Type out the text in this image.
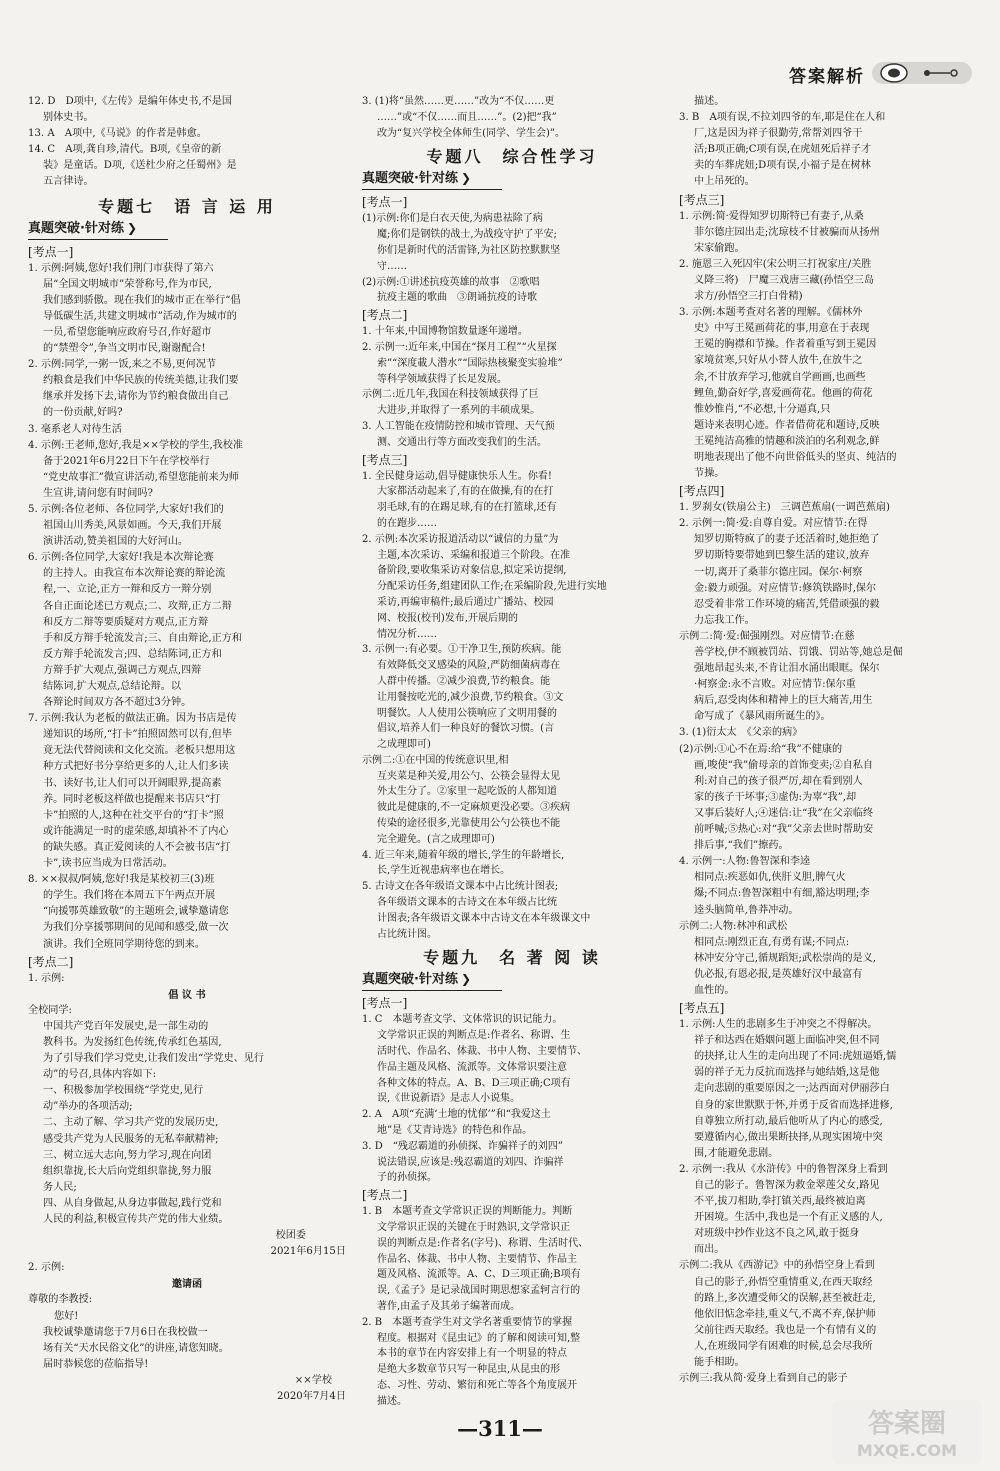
答案解析

12. D　D项中,《左传》是编年体史书,不是国

别体史书。

13. A　A项中,《马说》的作者是韩愈。

14. C　A项,龚自珍,清代。B项,《皇帝的新

装》是童话。D项,《送杜少府之任蜀州》是

五言律诗。

专题七　语 言 运 用
真题突破·针对练 ❯

[考点一]

1. 示例:阿姨,您好!我们荆门市获得了第六

届“全国文明城市”荣誉称号,作为市民,

我们感到骄傲。现在我们的城市正在举行“倡

导低碳生活,共建文明城市”活动,作为城市的

一员,希望您能响应政府号召,作好超市

的“禁塑令”,争当文明市民,谢谢配合!

2. 示例:同学,一粥一饭,来之不易,更何况节

约粮食是我们中华民族的传统美德,让我们要

继承并发扬下去,请你为节约粮食做出自己

的一份贡献,好吗?

3. 毫系老人对待生活

4. 示例:王老师,您好,我是××学校的学生,我校准

备于2021年6月22日下午在学校举行

“党史故事汇”微宣讲活动,希望您能前来为师

生宣讲,请问您有时间吗?

5. 示例:各位老师、各位同学,大家好!我们的

祖国山川秀美,风景如画。今天,我们开展

演讲活动,赞美祖国的大好河山。

6. 示例:各位同学,大家好!我是本次辩论赛

的主持人。由我宣布本次辩论赛的辩论流

程,一、立论,正方一辩和反方一辩分别

各自正面论述已方观点;二、攻辩,正方二辩

和反方二辩等要质疑对方观点,正方辩

手和反方辩手轮流发言;三、自由辩论,正方和

反方辩手轮流发言;四、总结陈词,正方和

方辩手扩大观点,强调己方观点,四辩

结陈词,扩大观点,总结论辩。以

各辩论时间双方各不超过3分钟。

7. 示例:我认为老板的做法正确。因为书店是传

递知识的场所,“打卡”拍照固然可以有,但毕

竟无法代替阅读和文化交流。老板只想用这

种方式把好书分享给更多的人,让人们多读

书、读好书,让人们可以开阔眼界,提高素

养。同时老板这样做也提醒来书店只“打

卡”拍照的人,这种在社交平台的“打卡”照

或许能满足一时的虚荣感,却填补不了内心

的缺失感。真正爱阅读的人不会被书店“打

卡”,读书应当成为日常活动。

8. ××叔叔/阿姨,您好!我是某校初三(3)班

的学生。我们将在本周五下午两点开展

“向援鄂英雄致敬”的主题班会,诚挚邀请您

为我们分享援鄂期间的见闻和感受,做一次

演讲。我们全班同学期待您的到来。

[考点二]

1. 示例:

倡 议 书

全校同学:

中国共产党百年发展史,是一部生动的

教科书。为发扬红色传统,传承红色基因,

为了引导我们学习党史,让我们发出“学党史、见行

动”的号召,具体内容如下:

一、积极参加学校围绕“学党史,见行

动”举办的各项活动;

二、主动了解、学习共产党的发展历史,

感受共产党为人民服务的无私奉献精神;

三、树立远大志向,努力学习,现在向团

组织靠拢,长大后向党组织靠拢,努力服

务人民;

四、从自身做起,从身边事做起,践行党和

人民的利益,积极宣传共产党的伟大业绩。

校团委

2021年6月15日

2. 示例:

邀请函

尊敬的李教授:

您好!

我校诚挚邀请您于7月6日在我校做一

场有关“天水民俗文化”的讲座,请您知晓。

届时恭候您的莅临指导!

××学校

2020年7月4日

3. (1)将“虽然……更……”改为“不仅……更

……”或“不仅……而且……”。(2)把“我”

改为“复兴学校全体师生(同学、学生会)”。

专题八　综合性学习
真题突破·针对练 ❯

[考点一]

(1)示例:你们是白衣天使,为病患祛除了病

魔;你们是钢铁的战士,为战疫守护了平安;

你们是新时代的活雷锋,为社区防控默默坚

守……

(2)示例:①讲述抗疫英雄的故事　②歌唱

抗疫主题的歌曲　③朗诵抗疫的诗歌

[考点二]

1. 十年来,中国博物馆数量逐年递增。

2. 示例一:近年来,中国在“探月工程”“火星探

索”“深度載人潜水”“国际热核聚变实验堆”

等科学领域获得了长足发展。

示例二:近几年,我国在科技领域获得了巨

大进步,并取得了一系列的丰硕成果。

3. 人工智能在疫情防控和城市管理、天气预

测、交通出行等方面改变我们的生活。

[考点三]

1. 全民健身运动,倡导健康快乐人生。你看!

大家都活动起来了,有的在做操,有的在打

羽毛球,有的在踢足球,有的在打篮球,还有

的在跑步……

2. 示例:本次采访报道活动以“诚信的力量”为

主题,本次采访、采编和报道三个阶段。在准

备阶段,要收集采访对象信息,拟定采访提纲,

分配采访任务,组建团队工作;在采编阶段,先进行实地

采访,再编审稿件;最后通过广播站、校园

网、校报(校刊)发布,开展后期的

情况分析……

3. 示例一:有必要。①干净卫生,预防疾病。能

有效降低交叉感染的风险,严防细菌病毒在

人群中传播。②减少浪费,节约粮食。能

让用餐按吃光的,减少浪费,节约粮食。③文

明餐饮。人人使用公筷响应了文明用餐的

倡议,培养人们一种良好的餐饮习惯。(言

之成理即可)

示例二:①在中国的传统意识里,相

互夹菜是种关爱,用公勺、公筷会显得太见

外太生分了。②家里一起吃饭的人都知道

彼此是健康的,不一定麻烦更没必要。③疾病

传染的途径很多,光靠使用公勺公筷也不能

完全避免。(言之成理即可)

4. 近三年来,随着年级的增长,学生的年龄增长,

长,学生近视患病率也在增长。

5. 古诗文在各年级语文课本中占比统计图表;

各年级语文课本的古诗文在本年级占比统

计图表;各年级语文课本中古诗文在本年级课文中

占比统计图。

专题九　名 著 阅 读
真题突破·针对练 ❯

[考点一]

1. C　本题考查文学、文体常识的识记能力。

文学常识正误的判断点是:作者名、称谓、生

活时代、作品名、体裁、书中人物、主要情节、

作品主题及风格、流派等。文体常识要注意

各种文体的特点。A、B、D三项正确;C项有

误,《世说新语》是志人小说集。

2. A　A项“充满‘土地的忧郁’”和“我爱这土

地”是《艾青诗选》的特色和作品。

3. D　“残忍霸道的孙侦探、诈骗祥子的刘四”

说法错误,应该是:残忍霸道的刘四、诈骗祥

子的孙侦探。

[考点二]

1. B　本题考查文学常识正误的判断能力。判断

文学常识正误的关键在于时熟识,文学常识正

误的判断点是:作者名(字号)、称谓、生活时代、

作品名、体裁、书中人物、主要情节、作品主

题及风格、流派等。A、C、D三项正确;B项有

误,《孟子》是记录战国时期思想家孟轲言行的

著作,由孟子及其弟子编著而成。

2. B　本题考查学生对文学名著重要情节的掌握

程度。根据对《昆虫记》的了解和阅读可知,整

本书的章节在内容安排上有一个明显的特点

是绝大多数章节只写一种昆虫,从昆虫的形

态、习性、劳动、繁衍和死亡等各个角度展开

描述。

描述。

3. B　A项有误,不拉刘四爷的车,耶是住在人和

厂,这是因为祥子很勤劳,常帮刘四爷干

活;B项正确;C项有误,在虎妞死后祥子才

卖的车葬虎妞;D项有误,小福子是在树林

中上吊死的。

[考点三]

1. 示例:简·爱得知罗切斯特已有妻子,从桑

菲尔德庄园出走;沈琼枝不甘被骗而从扬州

宋家偷跑。

2. 施恩三入死囚牢(宋公明三打祝家庄/关胜

义降三将)　尸魔三戏唐三藏(孙悟空三岛

求方/孙悟空三打白骨精)

3. 示例:本题考查对名著的理解。《儒林外

史》中写王冕画荷花的事,用意在于表现

王冕的胸襟和节操。作者着重写到王冕因

家境贫寒,只好从小替人放牛,在放牛之

余,不甘放弃学习,他就自学画画,也画些

鲤鱼,勤奋好学,喜爱画荷花。他画的荷花

惟妙惟肖,“不必想,十分逼真,只

题诗来表明心迹。作者借荷花和题诗,反映

王冕纯洁高雅的情趣和淡泊的名利观念,鲜

明地表现出了他不向世俗低头的坚贞、纯洁的

节操。

[考点四]

1. 罗刹女(铁扇公主)　三调芭蕉扇(一调芭蕉扇)

2. 示例一:简·爱:自尊自爱。对应情节:在得

知罗切斯特疯了的妻子还活着时,她拒绝了

罗切斯特要带她到巴黎生活的建议,放弃

一切,离开了桑菲尔德庄园。保尔·柯察

金:毅力顽强。对应情节:修筑铁路时,保尔

忍受着非常工作环境的痛苦,凭借顽强的毅

力忘我工作。

示例二:简·爱:倔强刚烈。对应情节:在慈

善学校,伊不顾被罚站、罚饿、罚站等,她总是倔

强地昂起头来,不肯让泪水涌出眼眶。保尔

·柯察金:永不言败。对应情节:保尔重

病后,忍受肉体和精神上的巨大痛苦,用生

命写成了《暴风雨所诞生的》。

3. (1)衍太太　《父亲的病》

(2)示例:①心不在焉:给“我”不健康的

画,唆使“我”偷母亲的首饰变卖;②自私自

利:对自己的孩子很严厉,却在看到别人

家的孩子干坏事;③虚伪:为辜“我”,却

又事后装好人;④迷信:让“我”在父亲临终

前呼喊;⑤热心:对“我”父亲去世时帮助安

排后事,“我们”擦药。

4. 示例一:人物:鲁智深和李逵

相同点:疾恶如仇,侠肝义胆,脾气火

爆;不同点:鲁智深粗中有细,豁达明理;李

逵头脑简单,鲁莽冲动。

示例二:人物:林冲和武松

相同点:刚烈正直,有勇有谋;不同点:

林冲安分守己,循规蹈矩;武松崇尚的是义,

仇必报,有恩必报,是英雄好汉中最富有

血性的。

[考点五]

1. 示例:人生的悲剧多生于冲突之不得解决。

祥子和达西在婚姻问题上面临冲突,但不同

的抉择,让人生的走向出现了不同:虎妞逼婚,懦

弱的祥子无力反抗而选择与她结婚,这是他

走向悲剧的重要原因之一;达西面对伊丽莎白

自身的家世默默于怀,并勇于反省而选择进修,

自尊独立所打动,最后他听从了内心的感受,

要遵循内心,做出果断抉择,从现实困境中突

围,才能避免悲剧。

2. 示例一:我从《水浒传》中的鲁智深身上看到

自己的影子。鲁智深为救金翠莲父女,路见

不平,拔刀相助,拳打镇关西,最终被迫离

开困境。生活中,我也是一个有正义感的人,

对班级中抄作业这不良之风,敢于挺身

而出。

示例二:我从《西游记》中的孙悟空身上看到

自己的影子,孙悟空重情重义,在西天取经

的路上,多次遭受师父的误解,甚至被赶走,

他依旧惦念牵挂,重义气,不离不弃,保护师

父前往西天取经。我也是一个有情有义的

人,在班级同学有困难的时候,总会尽我所

能手相助。

示例三:我从简·爱身上看到自己的影子

—311—	答案圈
MXQE.COM
